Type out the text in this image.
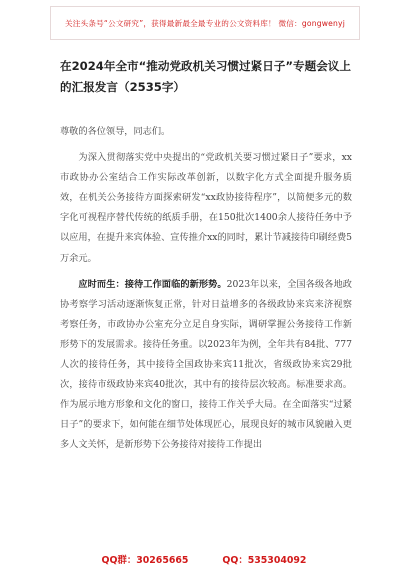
关注头条号“公文研究”，获得最新最全最专业的公文资料库！ 微信：gongwenyj
在2024年全市“推动党政机关习惯过紧日子”专题会议上的汇报发言（2535字）

尊敬的各位领导，同志们。

为深入贯彻落实党中央提出的“党政机关要习惯过紧日子”要求，xx市政协办公室结合工作实际改革创新，以数字化方式全面提升服务质效，在机关公务接待方面探索研发“xx政协接待程序”，以简便多元的数字化可视程序替代传统的纸质手册，在150批次1400余人接待任务中予以应用，在提升来宾体验、宣传推介xx的同时，累计节减接待印刷经费5万余元。

应时而生：接待工作面临的新形势。2023年以来，全国各级各地政协考察学习活动逐渐恢复正常，针对日益增多的各级政协来宾来济视察考察任务，市政协办公室充分立足自身实际，调研掌握公务接待工作新形势下的发展需求。接待任务重。以2023年为例，全年共有84批、777人次的接待任务，其中接待全国政协来宾11批次，省级政协来宾29批次，接待市级政协来宾40批次，其中有的接待层次较高。标准要求高。作为展示地方形象和文化的窗口，接待工作关乎大局。在全面落实“过紧日子”的要求下，如何能在细节处体现匠心，展现良好的城市风貌融入更多人文关怀，是新形势下公务接待对接待工作提出

QQ群：30265665	QQ：535304092
